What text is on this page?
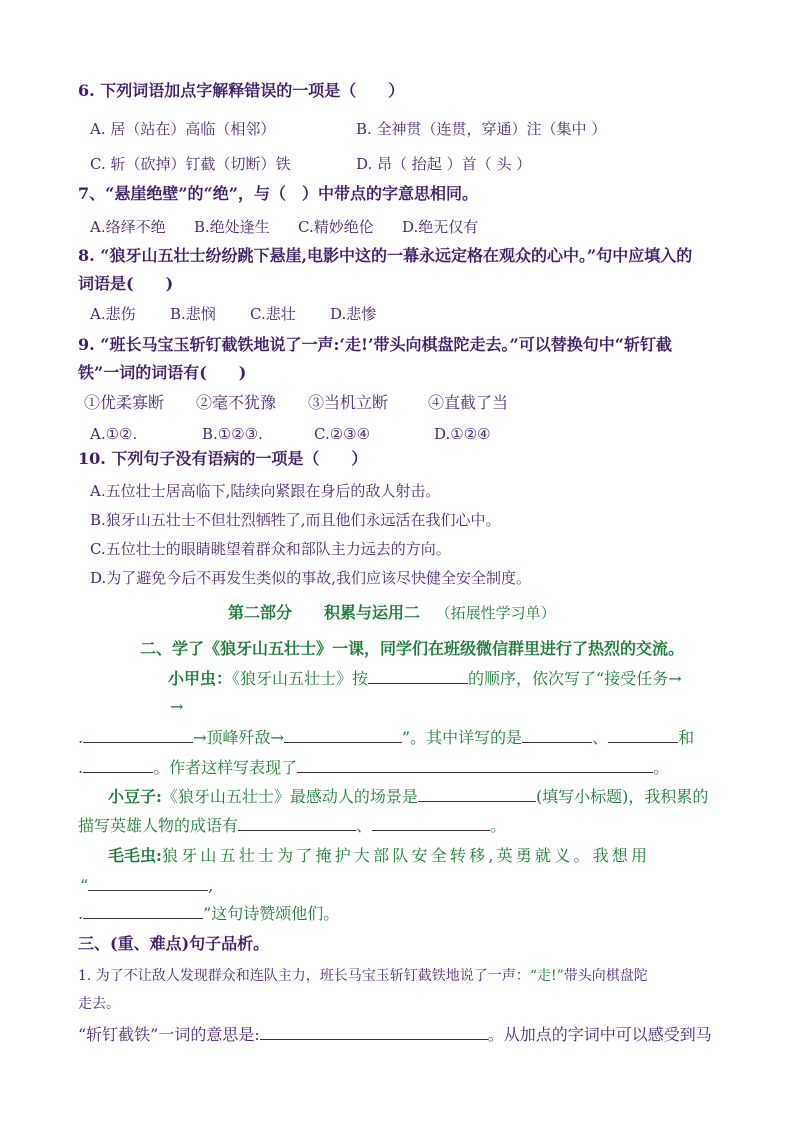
6. 下列词语加点字解释错误的一项是（　　）
A. 居（站在）高临（相邻）	B. 全神贯（连贯，穿通）注（集中 ）
C. 斩（砍掉）钉截（切断）铁	D. 昂（ 抬起 ）首（ 头 ）
7、“悬崖绝壁”的“绝”，与（　）中带点的字意思相同。
A.络绎不绝 B.绝处逢生 C.精妙绝伦 D.绝无仅有
8. “狼牙山五壮士纷纷跳下悬崖,电影中这的一幕永远定格在观众的心中。”句中应填入的
词语是(　　)
A.悲伤 B.悲悯 C.悲壮 D.悲惨
9. “班长马宝玉斩钉截铁地说了一声:‘走!’带头向棋盘陀走去。”可以替换句中“斩钉截
铁”一词的词语有(　　)
①优柔寡断 ②毫不犹豫 ③当机立断 ④直截了当
A.①②.	B.①②③.	C.②③④	D.①②④
10. 下列句子没有语病的一项是（　　）
A.五位壮士居高临下,陆续向紧跟在身后的敌人射击。
B.狼牙山五壮士不但壮烈牺牲了,而且他们永远活在我们心中。
C.五位壮士的眼睛眺望着群众和部队主力远去的方向。
D.为了避免今后不再发生类似的事故,我们应该尽快健全安全制度。
第二部分　　积累与运用二 （拓展性学习单）
二、学了《狼牙山五壮士》一课，同学们在班级微信群里进行了热烈的交流。
小甲虫：《狼牙山五壮士》按	的顺序，依次写了“接受任务→
→
.	→顶峰歼敌→	”。其中详写的是	、	和
.	。作者这样写表现了	。
小豆子:《狼牙山五壮士》最感动人的场景是	(填写小标题)，我积累的
描写英雄人物的成语有	、	。
毛毛虫:狼牙山五壮士为了掩护大部队安全转移,英勇就义。我想用
“	,
.	”这句诗赞颂他们。
三、(重、难点)句子品析。
1. 为了不让敌人发现群众和连队主力，班长马宝玉斩钉截铁地说了一声：“走!”带头向棋盘陀
走去。
“斩钉截铁”一词的意思是:	。从加点的字词中可以感受到马
